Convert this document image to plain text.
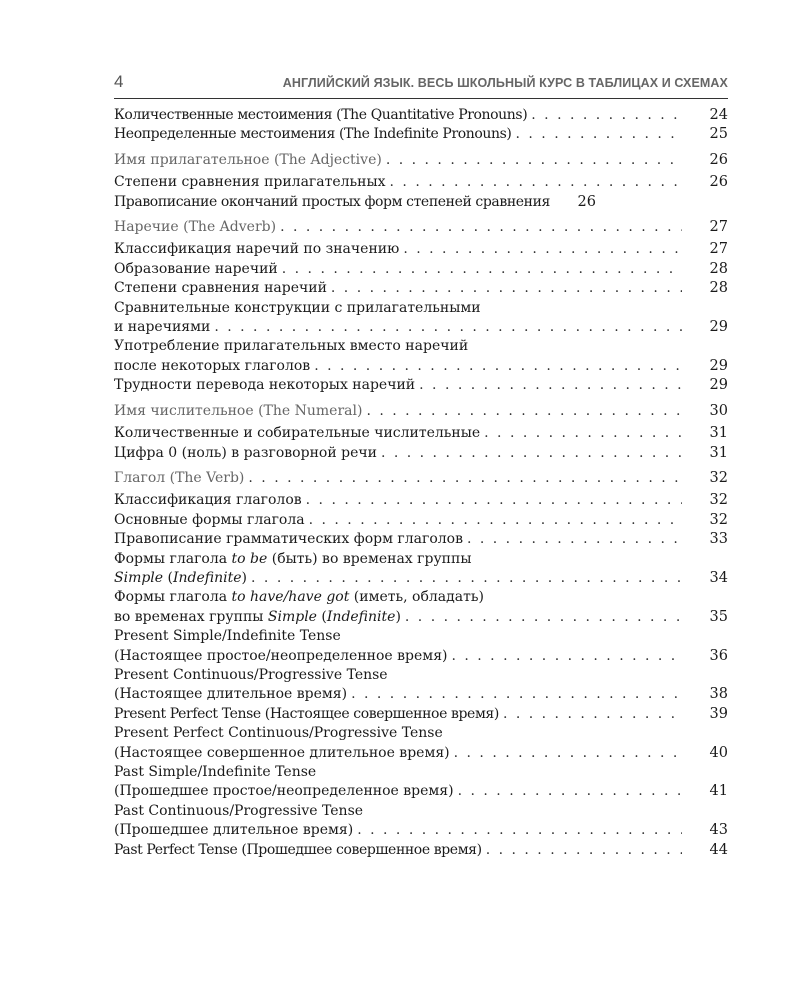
4	АНГЛИЙСКИЙ ЯЗЫК. ВЕСЬ ШКОЛЬНЫЙ КУРС В ТАБЛИЦАХ И СХЕМАХ
Количественные местоимения (The Quantitative Pronouns) . . .	24
Неопределенные местоимения (The Indefinite Pronouns) . . .	25
Имя прилагательное (The Adjective) . . .	26
Степени сравнения прилагательных . . .	26
Правописание окончаний простых форм степеней сравнения	26
Наречие (The Adverb) . . .	27
Классификация наречий по значению . . .	27
Образование наречий . . .	28
Степени сравнения наречий . . .	28
Сравнительные конструкции с прилагательными
и наречиями . . .	29
Употребление прилагательных вместо наречий
после некоторых глаголов . . .	29
Трудности перевода некоторых наречий . . .	29
Имя числительное (The Numeral) . . .	30
Количественные и собирательные числительные . . .	31
Цифра 0 (ноль) в разговорной речи . . .	31
Глагол (The Verb) . . .	32
Классификация глаголов . . .	32
Основные формы глагола . . .	32
Правописание грамматических форм глаголов . . .	33
Формы глагола to be (быть) во временах группы
Simple (Indefinite) . . .	34
Формы глагола to have/have got (иметь, обладать)
во временах группы Simple (Indefinite) . . .	35
Present Simple/Indefinite Tense
(Настоящее простое/неопределенное время) . . .	36
Present Continuous/Progressive Tense
(Настоящее длительное время) . . .	38
Present Perfect Tense (Настоящее совершенное время) . . .	39
Present Perfect Continuous/Progressive Tense
(Настоящее совершенное длительное время) . . .	40
Past Simple/Indefinite Tense
(Прошедшее простое/неопределенное время) . . .	41
Past Continuous/Progressive Tense
(Прошедшее длительное время) . . .	43
Past Perfect Tense (Прошедшее совершенное время) . . .	44
